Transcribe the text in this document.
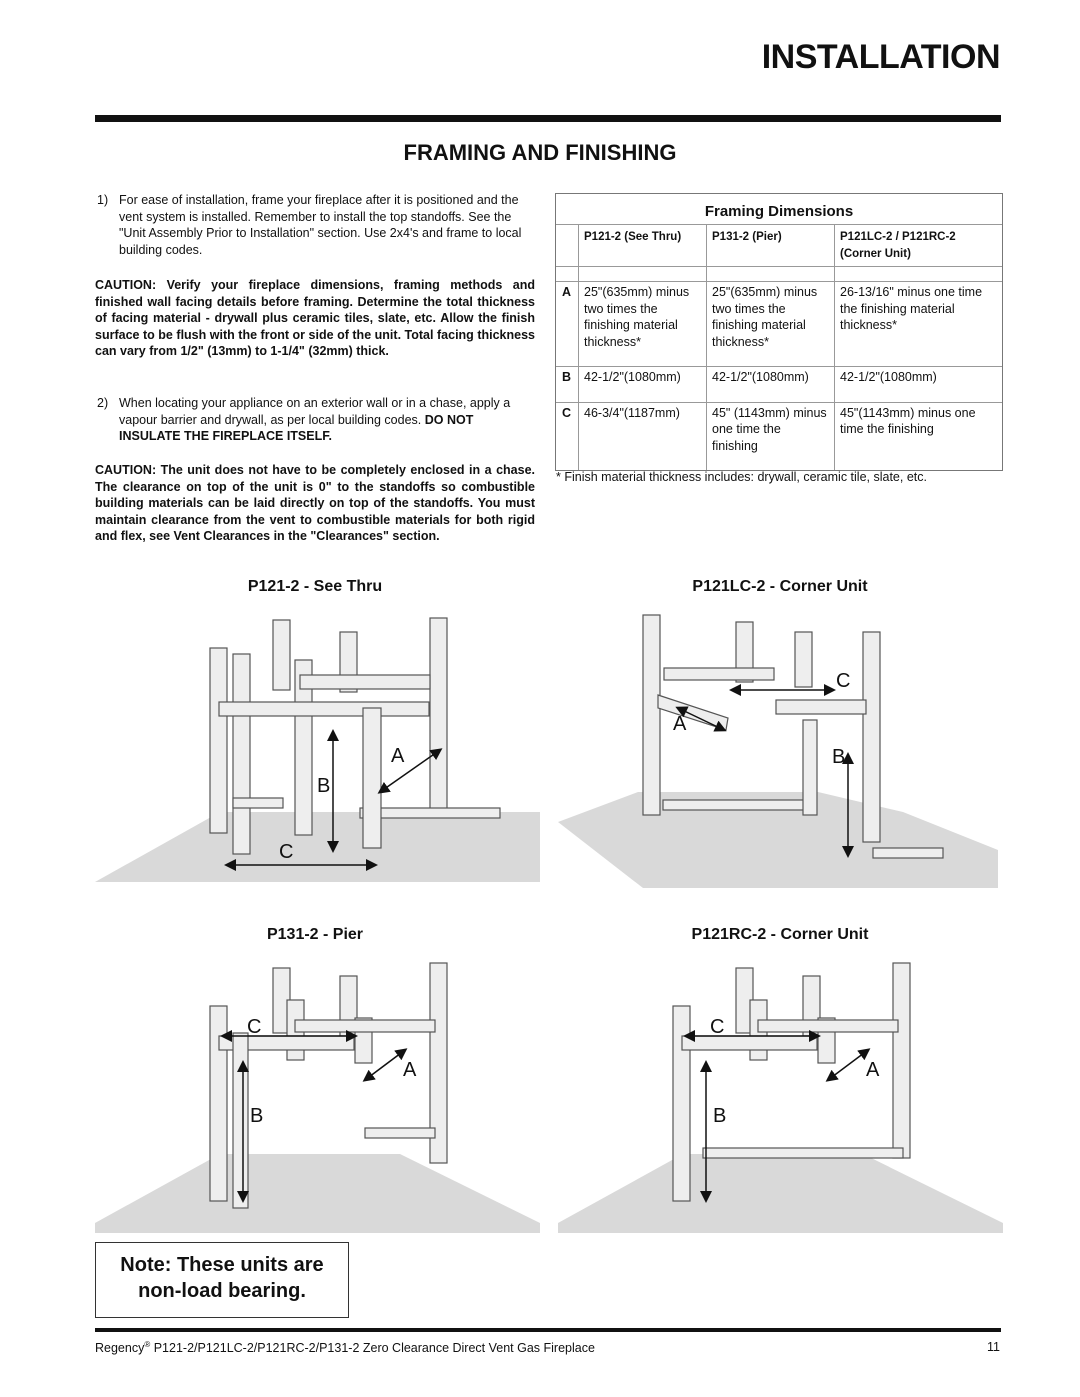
INSTALLATION
FRAMING AND FINISHING
1) For ease of installation, frame your fireplace after it is positioned and the vent system is installed. Remember to install the top standoffs. See the "Unit Assembly Prior to Installation" section. Use 2x4's and frame to local building codes.
CAUTION: Verify your fireplace dimensions, framing methods and finished wall facing details before framing. Determine the total thickness of facing material - drywall plus ceramic tiles, slate, etc. Allow the finish surface to be flush with the front or side of the unit. Total facing thickness can vary from 1/2" (13mm) to 1-1/4" (32mm) thick.
2) When locating your appliance on an exterior wall or in a chase, apply a vapour barrier and drywall, as per local building codes. DO NOT INSULATE THE FIREPLACE ITSELF.
CAUTION: The unit does not have to be completely enclosed in a chase. The clearance on top of the unit is 0" to the standoffs so combustible building materials can be laid directly on top of the standoffs. You must maintain clearance from the vent to combustible materials for both rigid and flex, see Vent Clearances in the "Clearances" section.
Framing Dimensions
	P121-2 (See Thru)	P131-2 (Pier)	P121LC-2 / P121RC-2 (Corner Unit)

A	25"(635mm) minus two times the finishing material thickness*	25"(635mm) minus two times the finishing material thickness*	26-13/16" minus one time the finishing material thickness*

B	42-1/2"(1080mm)	42-1/2"(1080mm)	42-1/2"(1080mm)

C	46-3/4"(1187mm)	45" (1143mm) minus one time the finishing	45"(1143mm) minus one time the finishing

* Finish material thickness includes: drywall, ceramic tile, slate, etc.
P121-2 - See Thru	P121LC-2 - Corner Unit
P131-2 - Pier	P121RC-2 - Corner Unit
A
B
C
C
A
B
C
A
B
C
A
B
Note: These units are
non-load bearing.
Regency® P121-2/P121LC-2/P121RC-2/P131-2 Zero Clearance Direct Vent Gas Fireplace	11
